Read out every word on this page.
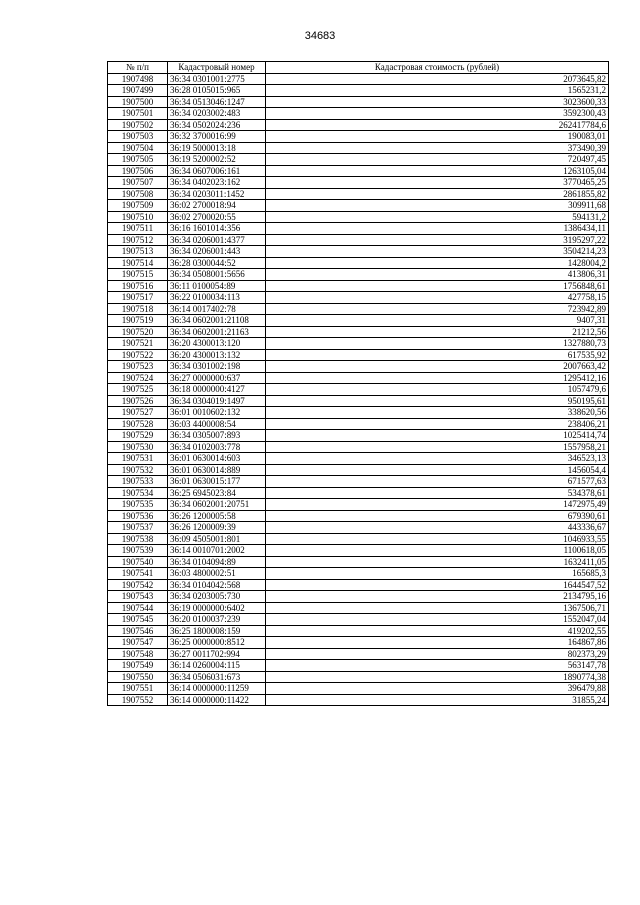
34683
№ п/п	Кадастровый номер	Кадастровая стоимость (рублей)
1907498	36:34 0301001:2775	2073645,82
1907499	36:28 0105015:965	1565231,2
1907500	36:34 0513046:1247	3023600,33
1907501	36:34 0203002:483	3592300,43
1907502	36:34 0502024:236	262417784,6
1907503	36:32 3700016:99	190083,01
1907504	36:19 5000013:18	373490,39
1907505	36:19 5200002:52	720497,45
1907506	36:34 0607006:161	1263105,04
1907507	36:34 0402023:162	3770465,25
1907508	36:34 0203011:1452	2861855,82
1907509	36:02 2700018:94	309911,68
1907510	36:02 2700020:55	594131,2
1907511	36:16 1601014:356	1386434,11
1907512	36:34 0206001:4377	3195297,22
1907513	36:34 0206001:443	3504214,23
1907514	36:28 0300044:52	1428004,2
1907515	36:34 0508001:5656	413806,31
1907516	36:11 0100054:89	1756848,61
1907517	36:22 0100034:113	427758,15
1907518	36:14 0017402:78	723942,89
1907519	36:34 0602001:21108	9407,31
1907520	36:34 0602001:21163	21212,56
1907521	36:20 4300013:120	1327880,73
1907522	36:20 4300013:132	617535,92
1907523	36:34 0301002:198	2007663,42
1907524	36:27 0000000:637	1295412,16
1907525	36:18 0000000:4127	1057479,6
1907526	36:34 0304019:1497	950195,61
1907527	36:01 0010602:132	338620,56
1907528	36:03 4400008:54	238406,21
1907529	36:34 0305007:893	1025414,74
1907530	36:34 0102003:778	1557958,21
1907531	36:01 0630014:603	346523,13
1907532	36:01 0630014:889	1456054,4
1907533	36:01 0630015:177	671577,63
1907534	36:25 6945023:84	534378,61
1907535	36:34 0602001:20751	1472975,49
1907536	36:26 1200005:58	679390,61
1907537	36:26 1200009:39	443336,67
1907538	36:09 4505001:801	1046933,55
1907539	36:14 0010701:2002	1100618,05
1907540	36:34 0104094:89	1632411,05
1907541	36:03 4800002:51	165685,3
1907542	36:34 0104042:568	1644547,52
1907543	36:34 0203005:730	2134795,16
1907544	36:19 0000000:6402	1367506,71
1907545	36:20 0100037:239	1552047,04
1907546	36:25 1800008:159	419202,55
1907547	36:25 0000000:8512	164867,86
1907548	36:27 0011702:994	802373,29
1907549	36:14 0260004:115	563147,78
1907550	36:34 0506031:673	1890774,38
1907551	36:14 0000000:11259	396479,88
1907552	36:14 0000000:11422	31855,24
